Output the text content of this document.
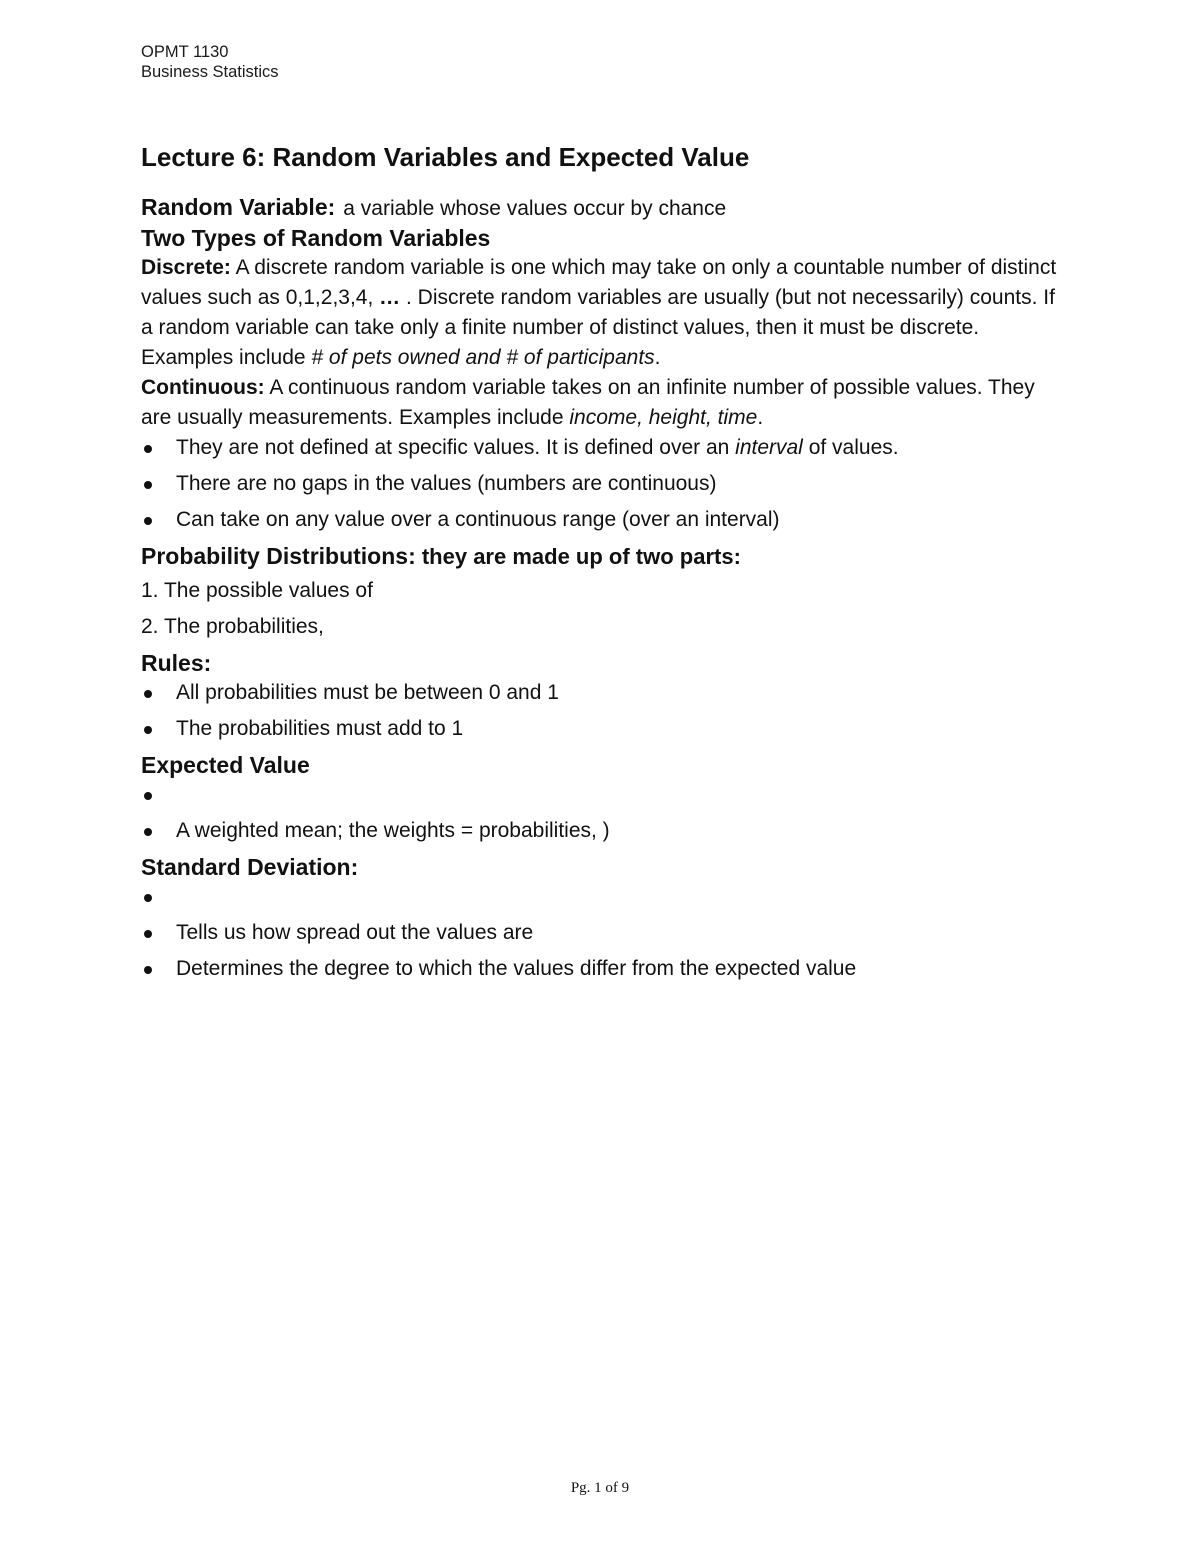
OPMT 1130
Business Statistics
Lecture 6: Random Variables and Expected Value
Random Variable: a variable whose values occur by chance
Two Types of Random Variables

Discrete: A discrete random variable is one which may take on only a countable number of distinct values such as 0,1,2,3,4, … . Discrete random variables are usually (but not necessarily) counts. If a random variable can take only a finite number of distinct values, then it must be discrete. Examples include # of pets owned and # of participants.

Continuous: A continuous random variable takes on an infinite number of possible values. They are usually measurements. Examples include income, height, time.

They are not defined at specific values. It is defined over an interval of values.
There are no gaps in the values (numbers are continuous)
Can take on any value over a continuous range (over an interval)
Probability Distributions: they are made up of two parts:
1. The possible values of
2. The probabilities,
Rules:
All probabilities must be between 0 and 1
The probabilities must add to 1
Expected Value
A weighted mean; the weights = probabilities, )
Standard Deviation:
Tells us how spread out the values are
Determines the degree to which the values differ from the expected value
Pg. 1 of 9
